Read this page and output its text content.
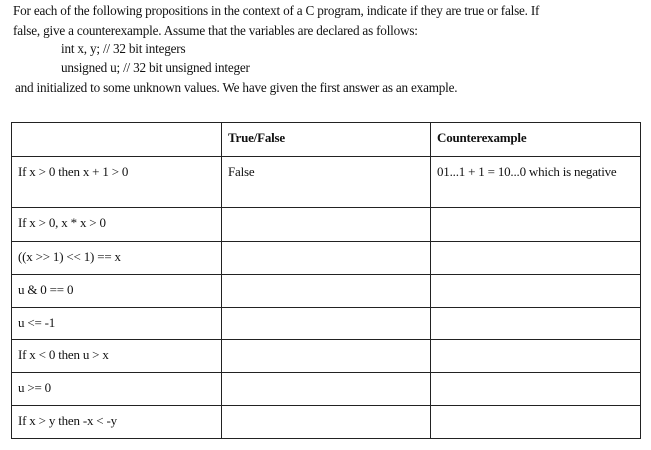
For each of the following propositions in the context of a C program, indicate if they are true or false. If
false, give a counterexample. Assume that the variables are declared as follows:
int x, y; // 32 bit integers
unsigned u; // 32 bit unsigned integer
and initialized to some unknown values. We have given the first answer as an example.
	True/False	Counterexample
If x > 0 then x + 1 > 0	False	01...1 + 1 = 10...0 which is negative
If x > 0, x * x > 0		
((x >> 1) << 1) == x		
u & 0 == 0		
u <= -1		
If x < 0 then u > x		
u >= 0		
If x > y then -x < -y		
